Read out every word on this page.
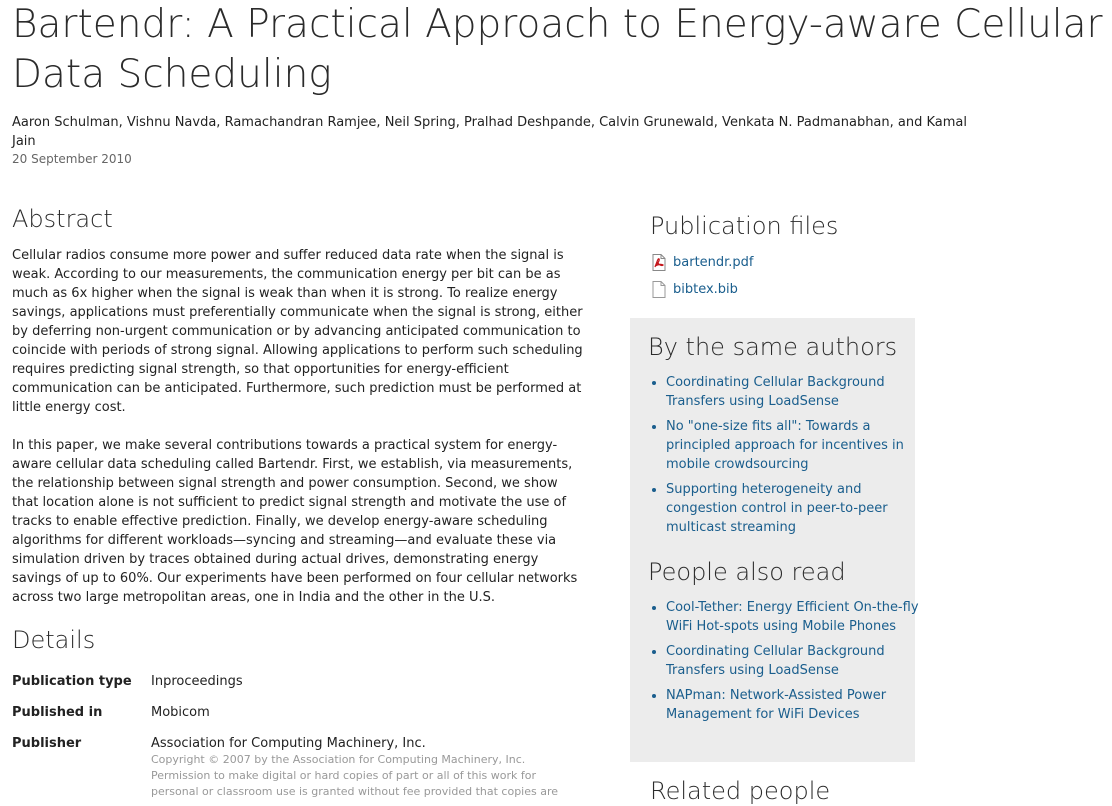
Bartendr: A Practical Approach to Energy-aware Cellular Data Scheduling
Aaron Schulman, Vishnu Navda, Ramachandran Ramjee, Neil Spring, Pralhad Deshpande, Calvin Grunewald, Venkata N. Padmanabhan, and Kamal Jain
20 September 2010
Abstract

Cellular radios consume more power and suffer reduced data rate when the signal is weak. According to our measurements, the communication energy per bit can be as much as 6x higher when the signal is weak than when it is strong. To realize energy savings, applications must preferentially communicate when the signal is strong, either by deferring non-urgent communication or by advancing anticipated communication to coincide with periods of strong signal. Allowing applications to perform such scheduling requires predicting signal strength, so that opportunities for energy-efficient communication can be anticipated. Furthermore, such prediction must be performed at little energy cost.

In this paper, we make several contributions towards a practical system for energy-aware cellular data scheduling called Bartendr. First, we establish, via measurements, the relationship between signal strength and power consumption. Second, we show that location alone is not sufficient to predict signal strength and motivate the use of tracks to enable effective prediction. Finally, we develop energy-aware scheduling algorithms for different workloads—syncing and streaming—and evaluate these via simulation driven by traces obtained during actual drives, demonstrating energy savings of up to 60%. Our experiments have been performed on four cellular networks across two large metropolitan areas, one in India and the other in the U.S.

Details
Publication type Inproceedings
Published in	Mobicom
Publisher	Association for Computing Machinery, Inc.
Copyright © 2007 by the Association for Computing Machinery, Inc. Permission to make digital or hard copies of part or all of this work for personal or classroom use is granted without fee provided that copies are
Publication files
bartendr.pdf
bibtex.bib
By the same authors
• Coordinating Cellular Background Transfers using LoadSense
• No "one-size fits all": Towards a principled approach for incentives in mobile crowdsourcing
• Supporting heterogeneity and congestion control in peer-to-peer multicast streaming
People also read
• Cool-Tether: Energy Efficient On-the-fly WiFi Hot-spots using Mobile Phones
• Coordinating Cellular Background Transfers using LoadSense
• NAPman: Network-Assisted Power Management for WiFi Devices
Related people
